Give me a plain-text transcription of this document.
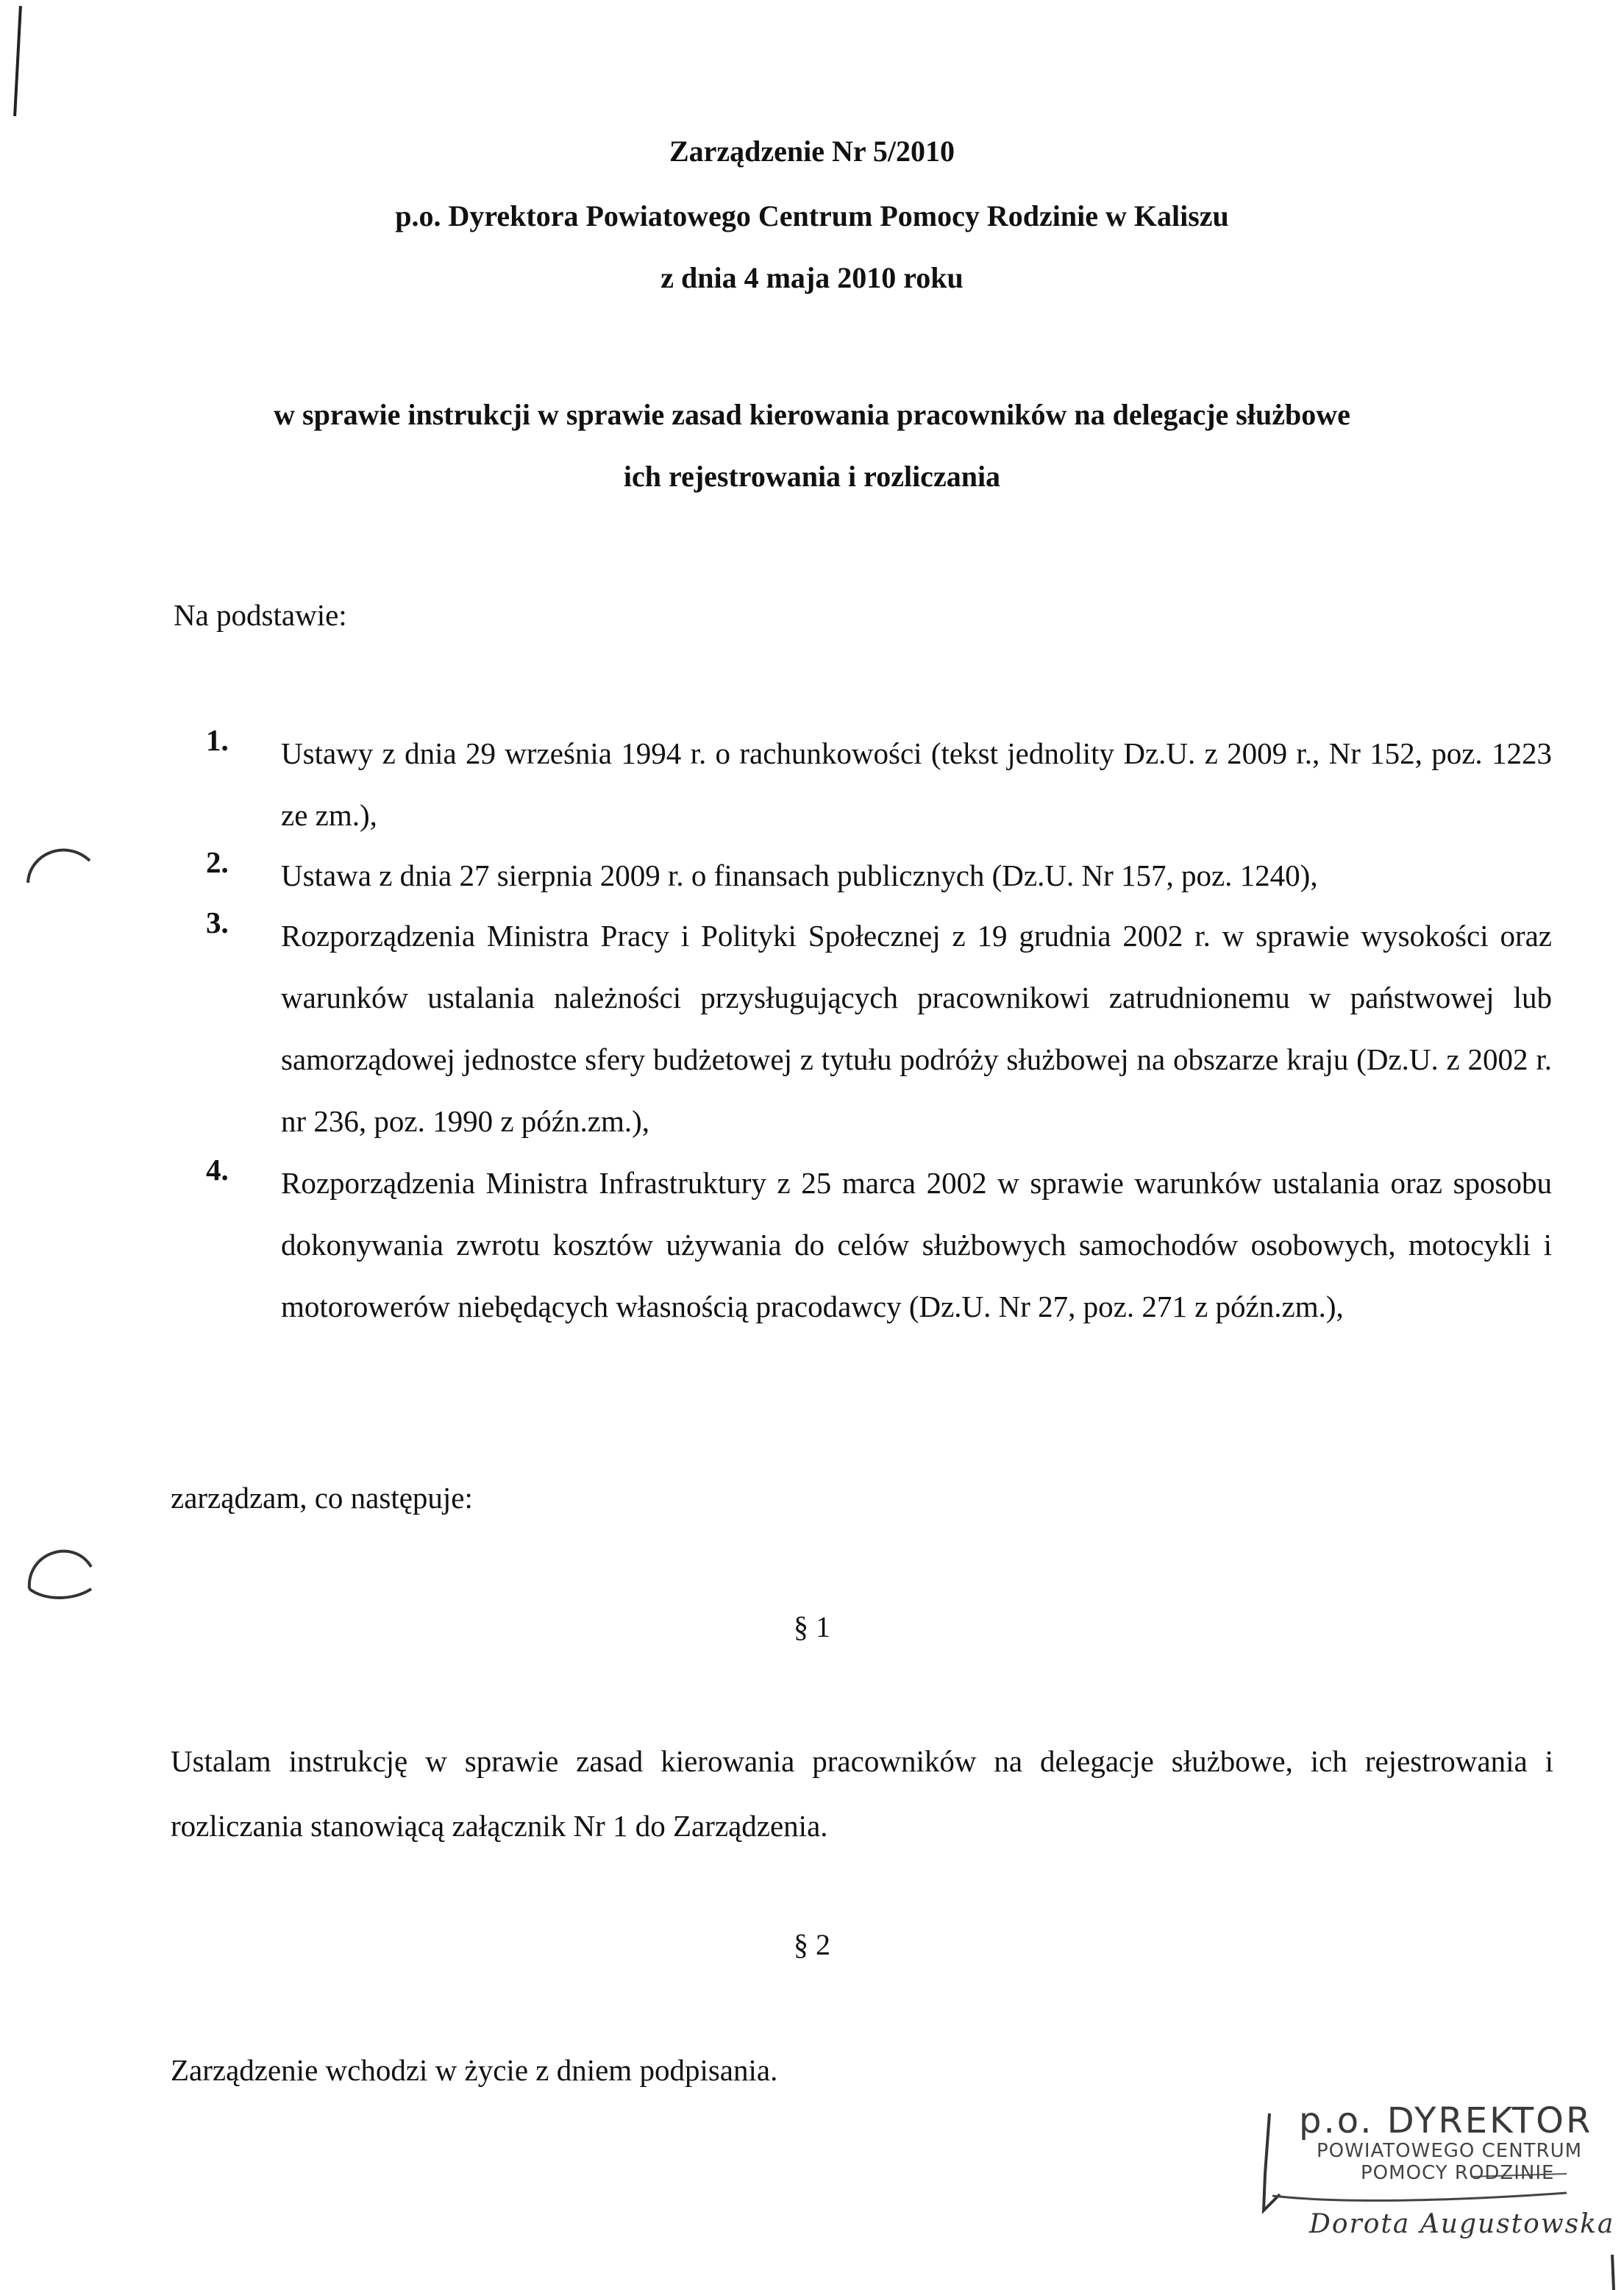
Zarządzenie Nr 5/2010
p.o. Dyrektora Powiatowego Centrum Pomocy Rodzinie w Kaliszu
z dnia 4 maja 2010 roku
w sprawie instrukcji w sprawie zasad kierowania pracowników na delegacje służbowe
ich rejestrowania i rozliczania
Na podstawie:
1. Ustawy z dnia 29 września 1994 r. o rachunkowości (tekst jednolity Dz.U. z 2009 r., Nr 152, poz. 1223 ze zm.),
2. Ustawa z dnia 27 sierpnia 2009 r. o finansach publicznych (Dz.U. Nr 157, poz. 1240),
3. Rozporządzenia Ministra Pracy i Polityki Społecznej z 19 grudnia 2002 r. w sprawie wysokości oraz warunków ustalania należności przysługujących pracownikowi zatrudnionemu w państwowej lub samorządowej jednostce sfery budżetowej z tytułu podróży służbowej na obszarze kraju (Dz.U. z 2002 r. nr 236, poz. 1990 z późn.zm.),
4. Rozporządzenia Ministra Infrastruktury z 25 marca 2002 w sprawie warunków ustalania oraz sposobu dokonywania zwrotu kosztów używania do celów służbowych samochodów osobowych, motocykli i motorowerów niebędących własnością pracodawcy (Dz.U. Nr 27, poz. 271 z późn.zm.),
zarządzam, co następuje:
§ 1
Ustalam instrukcję w sprawie zasad kierowania pracowników na delegacje służbowe, ich rejestrowania i rozliczania stanowiącą załącznik Nr 1 do Zarządzenia.
§ 2
Zarządzenie wchodzi w życie z dniem podpisania.
p.o. DYREKTOR
POWIATOWEGO CENTRUM
POMOCY RODZINIE
Dorota Augustowska
